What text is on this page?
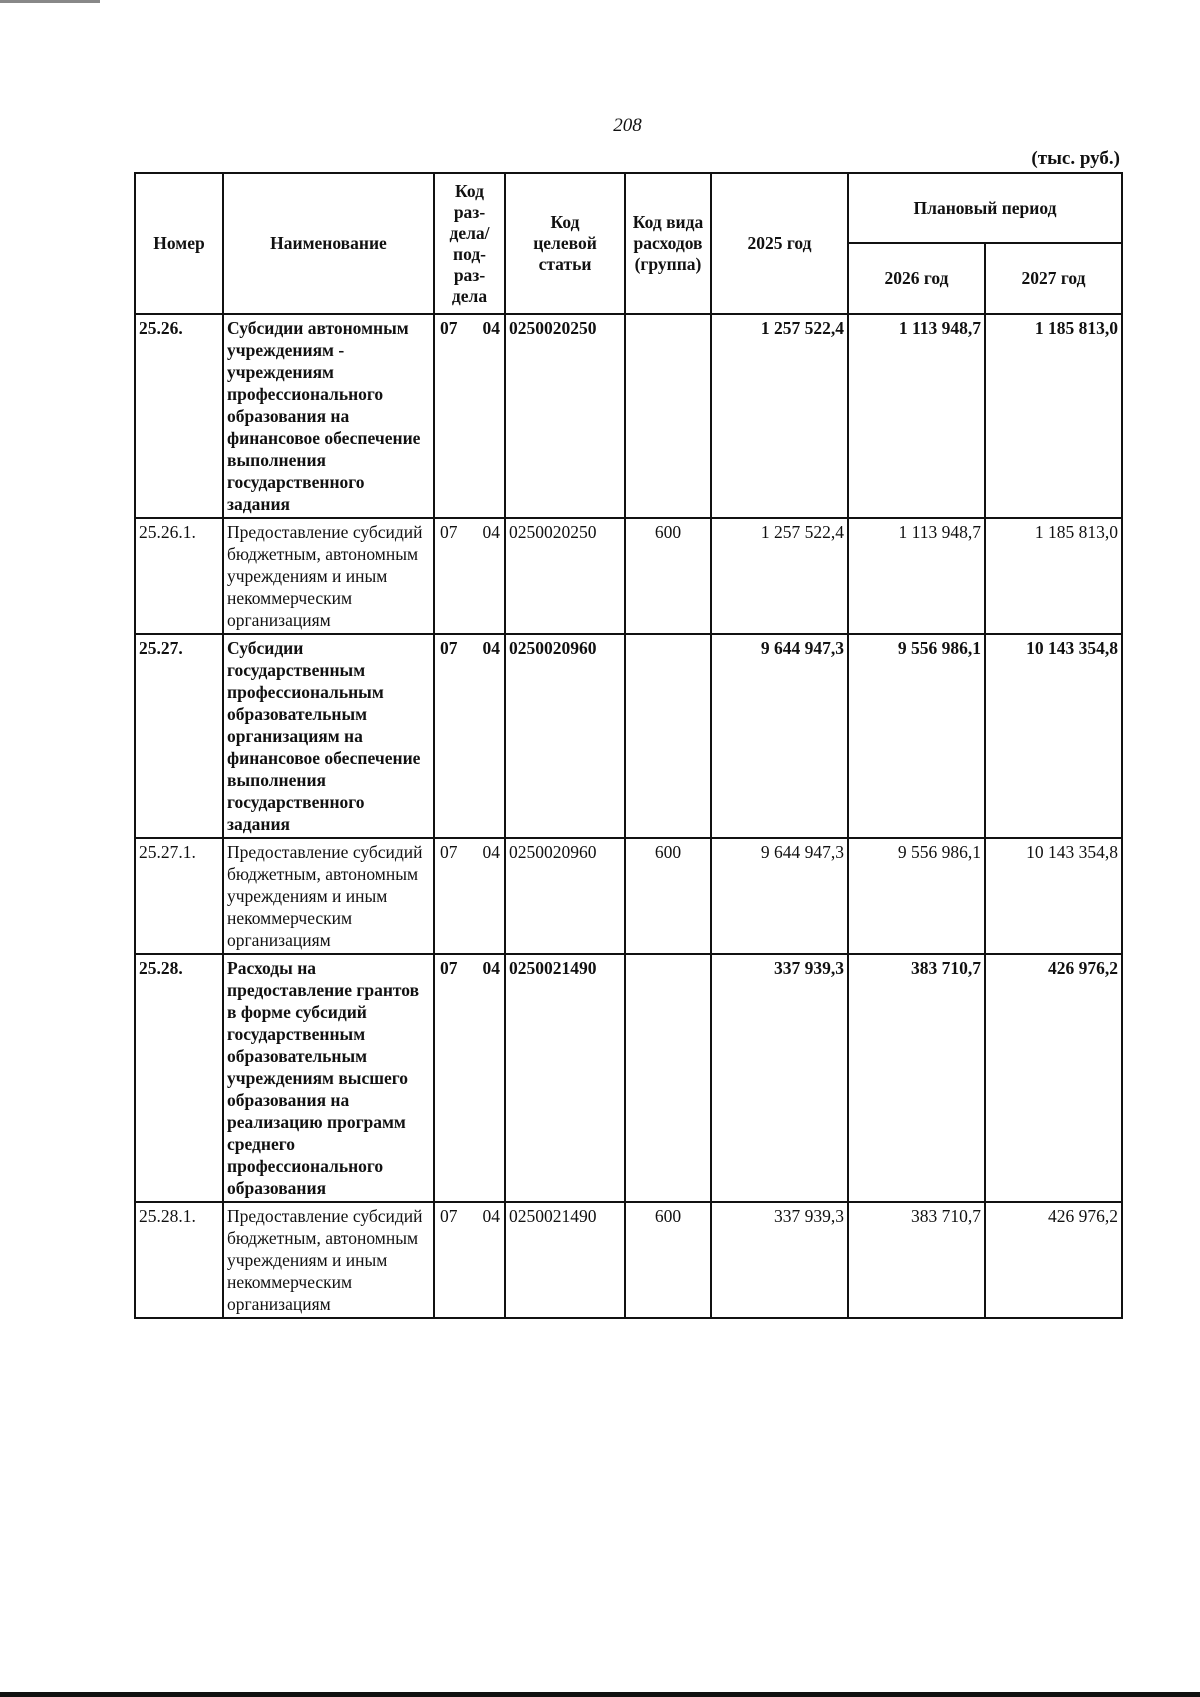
208
(тыс. руб.)
Номер	Наименование	Код раз- дела/ под- раз- дела	Код целевой статьи	Код вида расходов (группа)	2025 год	Плановый период	
						2026 год	2027 год
25.26.	Субсидии автономным учреждениям - учреждениям профессионального образования на финансовое обеспечение выполнения государственного задания	07 04	0250020250		1 257 522,4	1 113 948,7	1 185 813,0
25.26.1.	Предоставление субсидий бюджетным, автономным учреждениям и иным некоммерческим организациям	07 04	0250020250	600	1 257 522,4	1 113 948,7	1 185 813,0
25.27.	Субсидии государственным профессиональным образовательным организациям на финансовое обеспечение выполнения государственного задания	07 04	0250020960		9 644 947,3	9 556 986,1	10 143 354,8
25.27.1.	Предоставление субсидий бюджетным, автономным учреждениям и иным некоммерческим организациям	07 04	0250020960	600	9 644 947,3	9 556 986,1	10 143 354,8
25.28.	Расходы на предоставление грантов в форме субсидий государственным образовательным учреждениям высшего образования на реализацию программ среднего профессионального образования	07 04	0250021490		337 939,3	383 710,7	426 976,2
25.28.1.	Предоставление субсидий бюджетным, автономным учреждениям и иным некоммерческим организациям	07 04	0250021490	600	337 939,3	383 710,7	426 976,2
